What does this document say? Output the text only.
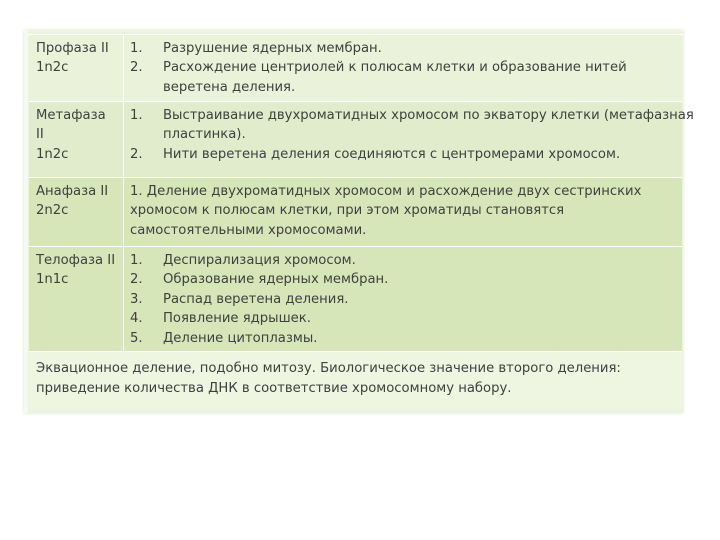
Профаза II
1n2c
1. Разрушение ядерных мембран.
2. Расхождение центриолей к полюсам клетки и образование нитей
веретена деления.
Метафаза
II
1n2c
1. Выстраивание двухроматидных хромосом по экватору клетки (метафазная
пластинка).
2. Нити веретена деления соединяются с центромерами хромосом.
Анафаза II
2n2c
1. Деление двухроматидных хромосом и расхождение двух сестринских
хромосом к полюсам клетки, при этом хроматиды становятся
самостоятельными хромосомами.
Телофаза II
1n1c
1. Деспирализация хромосом.
2. Образование ядерных мембран.
3. Распад веретена деления.
4. Появление ядрышек.
5. Деление цитоплазмы.
Эквационное деление, подобно митозу. Биологическое значение второго деления:
приведение количества ДНК в соответствие хромосомному набору.
